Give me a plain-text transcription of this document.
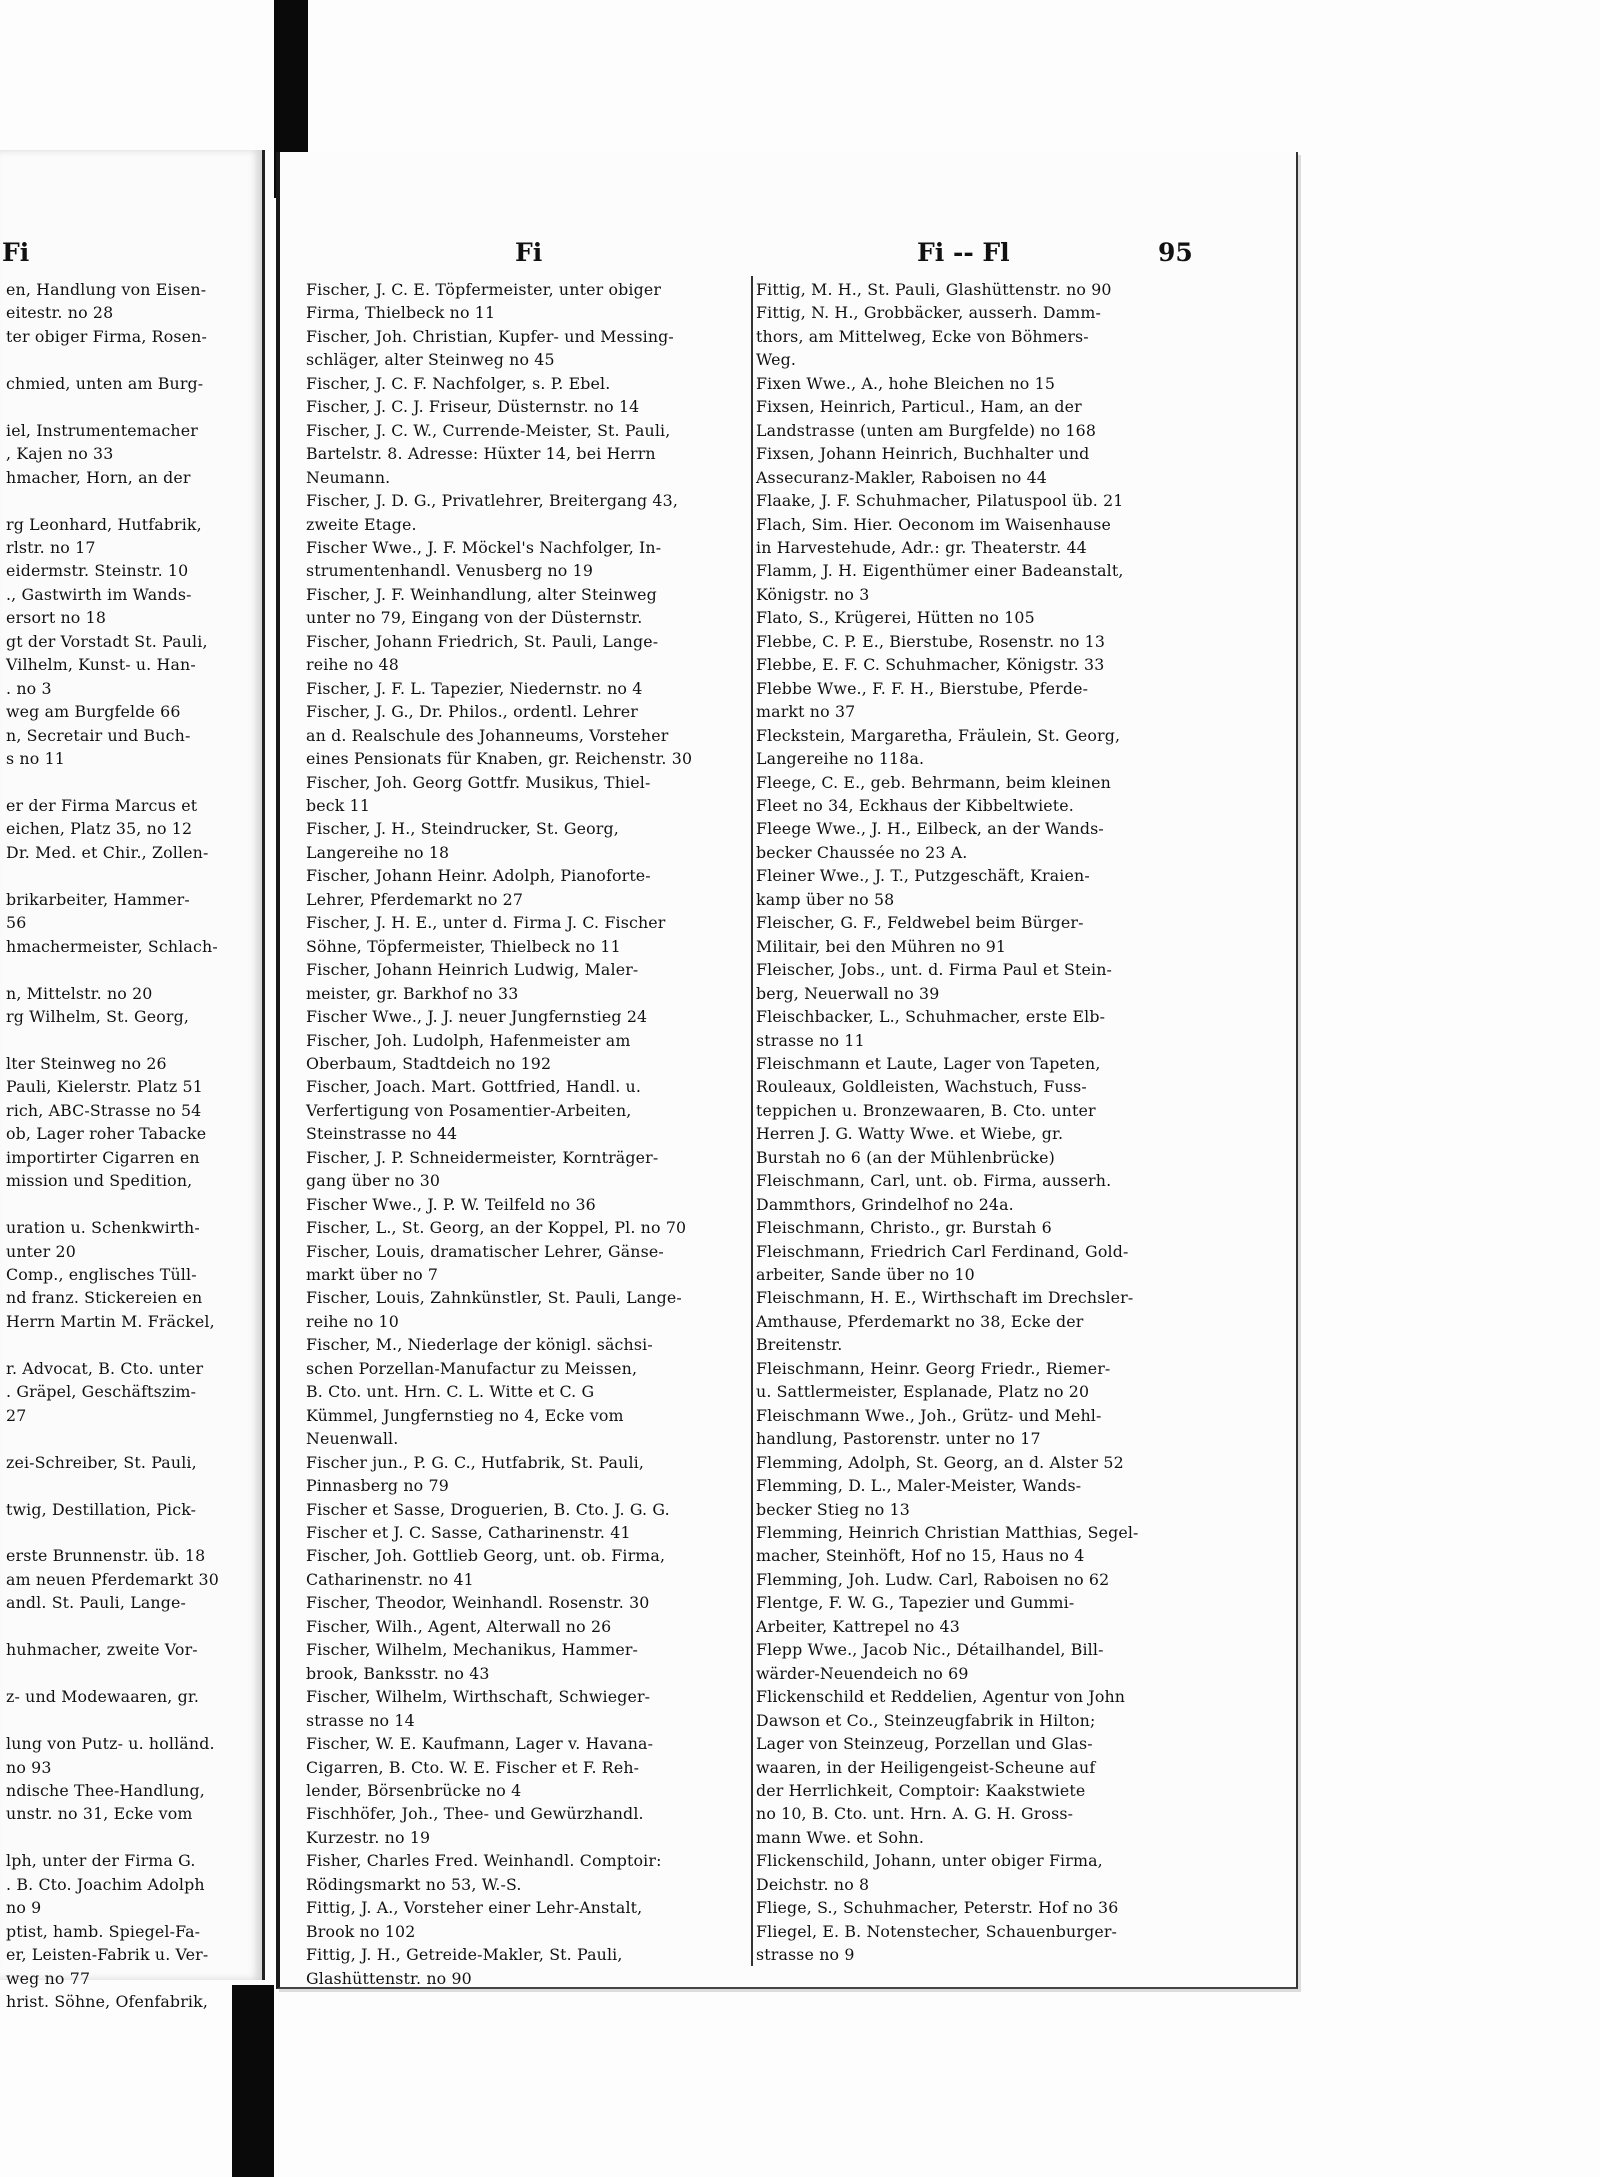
en, Handlung von Eisen-

eitestr. no 28

ter obiger Firma, Rosen-

chmied, unten am Burg-

iel, Instrumentemacher

, Kajen no 33

hmacher, Horn, an der

rg Leonhard, Hutfabrik,

rlstr. no 17

eidermstr. Steinstr. 10

., Gastwirth im Wands-

ersort no 18

gt der Vorstadt St. Pauli,

Vilhelm, Kunst- u. Han-

. no 3

weg am Burgfelde 66

n, Secretair und Buch-

s no 11

er der Firma Marcus et

eichen, Platz 35, no 12

Dr. Med. et Chir., Zollen-

brikarbeiter, Hammer-

56

hmachermeister, Schlach-

n, Mittelstr. no 20

rg Wilhelm, St. Georg,

lter Steinweg no 26

Pauli, Kielerstr. Platz 51

rich, ABC-Strasse no 54

ob, Lager roher Tabacke

importirter Cigarren en

mission und Spedition,

uration u. Schenkwirth-

unter 20

Comp., englisches Tüll-

nd franz. Stickereien en

Herrn Martin M. Fräckel,

r. Advocat, B. Cto. unter

. Gräpel, Geschäftszim-

27

zei-Schreiber, St. Pauli,

twig, Destillation, Pick-

erste Brunnenstr. üb. 18

am neuen Pferdemarkt 30

andl. St. Pauli, Lange-

huhmacher, zweite Vor-

z- und Modewaaren, gr.

lung von Putz- u. holländ.

no 93

ndische Thee-Handlung,

unstr. no 31, Ecke vom

lph, unter der Firma G.

. B. Cto. Joachim Adolph

no 9

ptist, hamb. Spiegel-Fa-

er, Leisten-Fabrik u. Ver-

weg no 77

hrist. Söhne, Ofenfabrik,

Fi	Fi	Fi -- Fl	95

Fischer, J. C. E. Töpfermeister, unter obiger

Firma, Thielbeck no 11

Fischer, Joh. Christian, Kupfer- und Messing-

schläger, alter Steinweg no 45

Fischer, J. C. F. Nachfolger, s. P. Ebel.

Fischer, J. C. J. Friseur, Düsternstr. no 14

Fischer, J. C. W., Currende-Meister, St. Pauli,

Bartelstr. 8. Adresse: Hüxter 14, bei Herrn

Neumann.

Fischer, J. D. G., Privatlehrer, Breitergang 43,

zweite Etage.

Fischer Wwe., J. F. Möckel's Nachfolger, In-

strumentenhandl. Venusberg no 19

Fischer, J. F. Weinhandlung, alter Steinweg

unter no 79, Eingang von der Düsternstr.

Fischer, Johann Friedrich, St. Pauli, Lange-

reihe no 48

Fischer, J. F. L. Tapezier, Niedernstr. no 4

Fischer, J. G., Dr. Philos., ordentl. Lehrer

an d. Realschule des Johanneums, Vorsteher

eines Pensionats für Knaben, gr. Reichenstr. 30

Fischer, Joh. Georg Gottfr. Musikus, Thiel-

beck 11

Fischer, J. H., Steindrucker, St. Georg,

Langereihe no 18

Fischer, Johann Heinr. Adolph, Pianoforte-

Lehrer, Pferdemarkt no 27

Fischer, J. H. E., unter d. Firma J. C. Fischer

Söhne, Töpfermeister, Thielbeck no 11

Fischer, Johann Heinrich Ludwig, Maler-

meister, gr. Barkhof no 33

Fischer Wwe., J. J. neuer Jungfernstieg 24

Fischer, Joh. Ludolph, Hafenmeister am

Oberbaum, Stadtdeich no 192

Fischer, Joach. Mart. Gottfried, Handl. u.

Verfertigung von Posamentier-Arbeiten,

Steinstrasse no 44

Fischer, J. P. Schneidermeister, Kornträger-

gang über no 30

Fischer Wwe., J. P. W. Teilfeld no 36

Fischer, L., St. Georg, an der Koppel, Pl. no 70

Fischer, Louis, dramatischer Lehrer, Gänse-

markt über no 7

Fischer, Louis, Zahnkünstler, St. Pauli, Lange-

reihe no 10

Fischer, M., Niederlage der königl. sächsi-

schen Porzellan-Manufactur zu Meissen,

B. Cto. unt. Hrn. C. L. Witte et C. G

Kümmel, Jungfernstieg no 4, Ecke vom

Neuenwall.

Fischer jun., P. G. C., Hutfabrik, St. Pauli,

Pinnasberg no 79

Fischer et Sasse, Droguerien, B. Cto. J. G. G.

Fischer et J. C. Sasse, Catharinenstr. 41

Fischer, Joh. Gottlieb Georg, unt. ob. Firma,

Catharinenstr. no 41

Fischer, Theodor, Weinhandl. Rosenstr. 30

Fischer, Wilh., Agent, Alterwall no 26

Fischer, Wilhelm, Mechanikus, Hammer-

brook, Banksstr. no 43

Fischer, Wilhelm, Wirthschaft, Schwieger-

strasse no 14

Fischer, W. E. Kaufmann, Lager v. Havana-

Cigarren, B. Cto. W. E. Fischer et F. Reh-

lender, Börsenbrücke no 4

Fischhöfer, Joh., Thee- und Gewürzhandl.

Kurzestr. no 19

Fisher, Charles Fred. Weinhandl. Comptoir:

Rödingsmarkt no 53, W.-S.

Fittig, J. A., Vorsteher einer Lehr-Anstalt,

Brook no 102

Fittig, J. H., Getreide-Makler, St. Pauli,

Glashüttenstr. no 90

Fittig, M. H., St. Pauli, Glashüttenstr. no 90

Fittig, N. H., Grobbäcker, ausserh. Damm-

thors, am Mittelweg, Ecke von Böhmers-

Weg.

Fixen Wwe., A., hohe Bleichen no 15

Fixsen, Heinrich, Particul., Ham, an der

Landstrasse (unten am Burgfelde) no 168

Fixsen, Johann Heinrich, Buchhalter und

Assecuranz-Makler, Raboisen no 44

Flaake, J. F. Schuhmacher, Pilatuspool üb. 21

Flach, Sim. Hier. Oeconom im Waisenhause

in Harvestehude, Adr.: gr. Theaterstr. 44

Flamm, J. H. Eigenthümer einer Badeanstalt,

Königstr. no 3

Flato, S., Krügerei, Hütten no 105

Flebbe, C. P. E., Bierstube, Rosenstr. no 13

Flebbe, E. F. C. Schuhmacher, Königstr. 33

Flebbe Wwe., F. F. H., Bierstube, Pferde-

markt no 37

Fleckstein, Margaretha, Fräulein, St. Georg,

Langereihe no 118a.

Fleege, C. E., geb. Behrmann, beim kleinen

Fleet no 34, Eckhaus der Kibbeltwiete.

Fleege Wwe., J. H., Eilbeck, an der Wands-

becker Chaussée no 23 A.

Fleiner Wwe., J. T., Putzgeschäft, Kraien-

kamp über no 58

Fleischer, G. F., Feldwebel beim Bürger-

Militair, bei den Mühren no 91

Fleischer, Jobs., unt. d. Firma Paul et Stein-

berg, Neuerwall no 39

Fleischbacker, L., Schuhmacher, erste Elb-

strasse no 11

Fleischmann et Laute, Lager von Tapeten,

Rouleaux, Goldleisten, Wachstuch, Fuss-

teppichen u. Bronzewaaren, B. Cto. unter

Herren J. G. Watty Wwe. et Wiebe, gr.

Burstah no 6 (an der Mühlenbrücke)

Fleischmann, Carl, unt. ob. Firma, ausserh.

Dammthors, Grindelhof no 24a.

Fleischmann, Christo., gr. Burstah 6

Fleischmann, Friedrich Carl Ferdinand, Gold-

arbeiter, Sande über no 10

Fleischmann, H. E., Wirthschaft im Drechsler-

Amthause, Pferdemarkt no 38, Ecke der

Breitenstr.

Fleischmann, Heinr. Georg Friedr., Riemer-

u. Sattlermeister, Esplanade, Platz no 20

Fleischmann Wwe., Joh., Grütz- und Mehl-

handlung, Pastorenstr. unter no 17

Flemming, Adolph, St. Georg, an d. Alster 52

Flemming, D. L., Maler-Meister, Wands-

becker Stieg no 13

Flemming, Heinrich Christian Matthias, Segel-

macher, Steinhöft, Hof no 15, Haus no 4

Flemming, Joh. Ludw. Carl, Raboisen no 62

Flentge, F. W. G., Tapezier und Gummi-

Arbeiter, Kattrepel no 43

Flepp Wwe., Jacob Nic., Détailhandel, Bill-

wärder-Neuendeich no 69

Flickenschild et Reddelien, Agentur von John

Dawson et Co., Steinzeugfabrik in Hilton;

Lager von Steinzeug, Porzellan und Glas-

waaren, in der Heiligengeist-Scheune auf

der Herrlichkeit, Comptoir: Kaakstwiete

no 10, B. Cto. unt. Hrn. A. G. H. Gross-

mann Wwe. et Sohn.

Flickenschild, Johann, unter obiger Firma,

Deichstr. no 8

Fliege, S., Schuhmacher, Peterstr. Hof no 36

Fliegel, E. B. Notenstecher, Schauenburger-

strasse no 9
